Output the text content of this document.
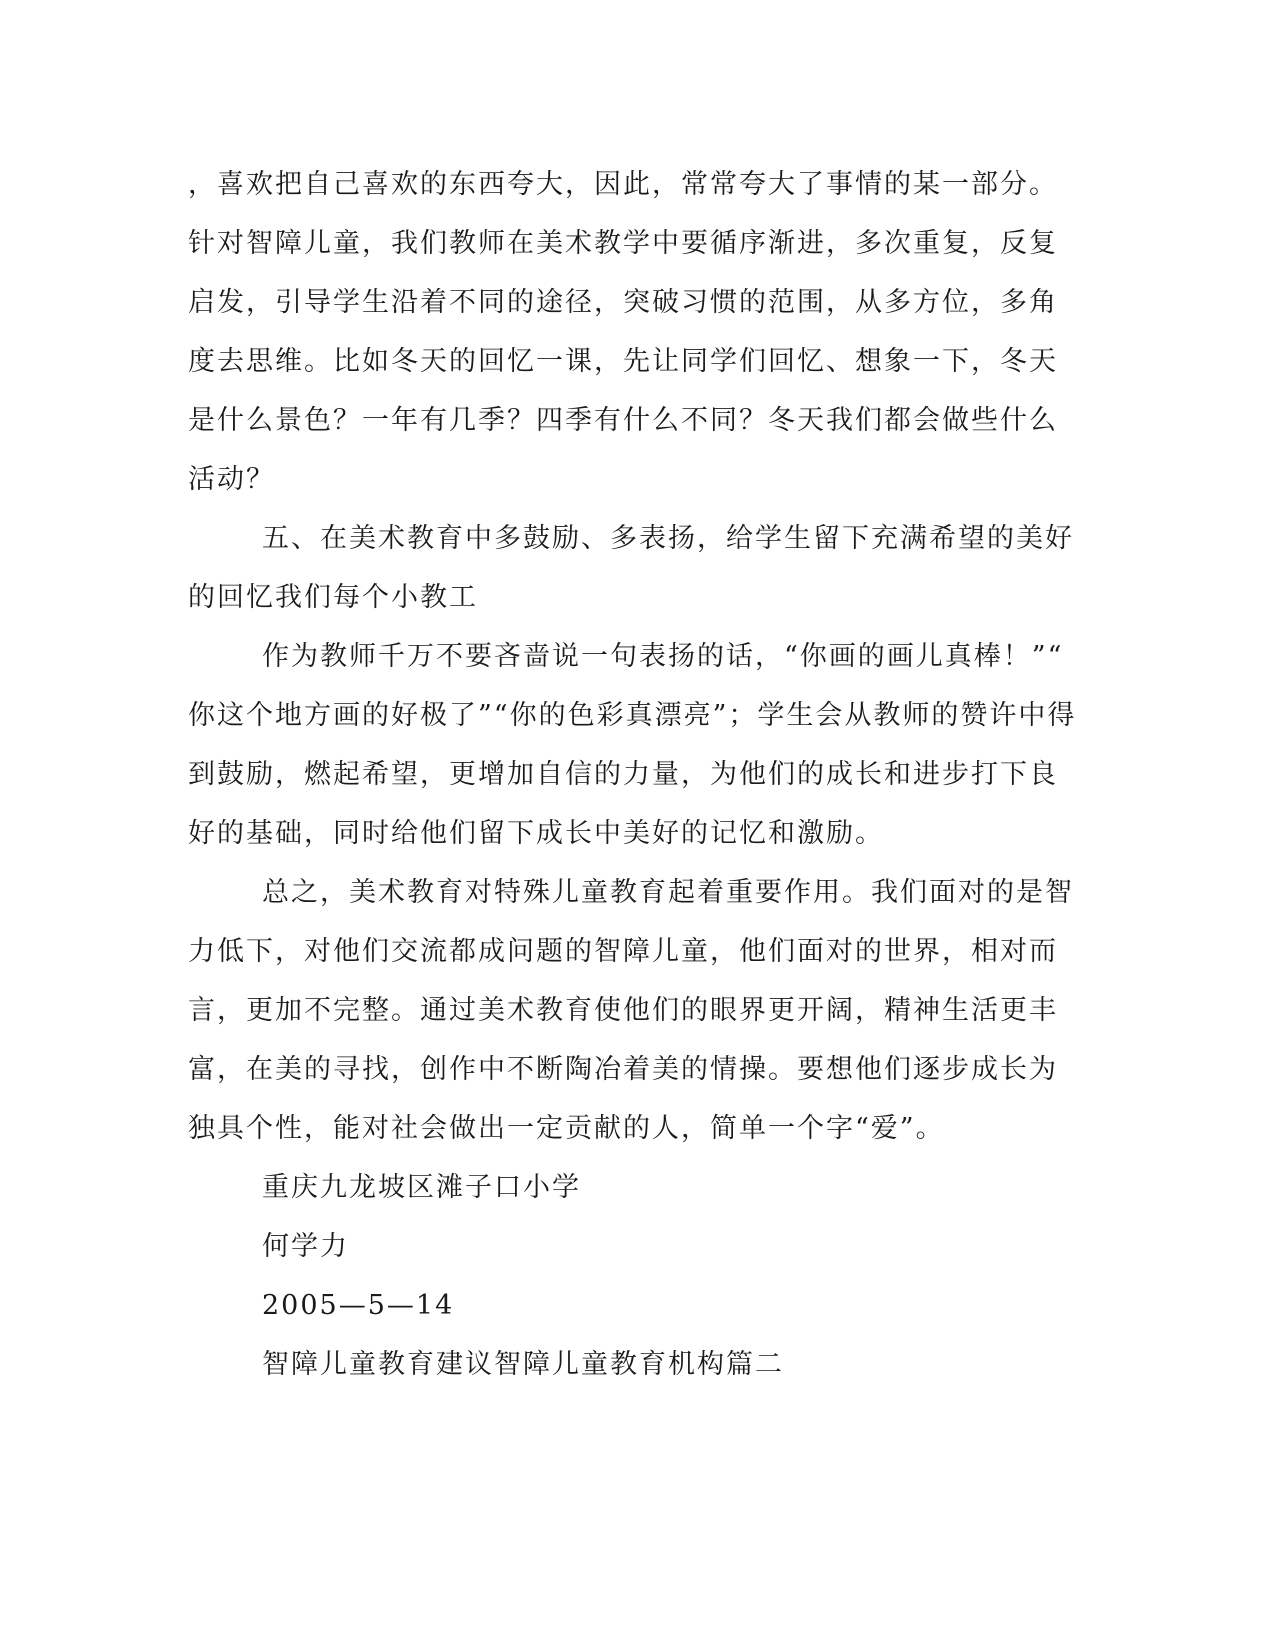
，喜欢把自己喜欢的东西夸大，因此，常常夸大了事情的某一部分。
针对智障儿童，我们教师在美术教学中要循序渐进，多次重复，反复
启发，引导学生沿着不同的途径，突破习惯的范围，从多方位，多角
度去思维。比如冬天的回忆一课，先让同学们回忆、想象一下，冬天
是什么景色？一年有几季？四季有什么不同？冬天我们都会做些什么
活动？
五、在美术教育中多鼓励、多表扬，给学生留下充满希望的美好
的回忆我们每个小教工
作为教师千万不要吝啬说一句表扬的话，“你画的画儿真棒！”“
你这个地方画的好极了”“你的色彩真漂亮”；学生会从教师的赞许中得
到鼓励，燃起希望，更增加自信的力量，为他们的成长和进步打下良
好的基础，同时给他们留下成长中美好的记忆和激励。
总之，美术教育对特殊儿童教育起着重要作用。我们面对的是智
力低下，对他们交流都成问题的智障儿童，他们面对的世界，相对而
言，更加不完整。通过美术教育使他们的眼界更开阔，精神生活更丰
富，在美的寻找，创作中不断陶冶着美的情操。要想他们逐步成长为
独具个性，能对社会做出一定贡献的人，简单一个字“爱”。
重庆九龙坡区滩子口小学
何学力
2005—5—14
智障儿童教育建议智障儿童教育机构篇二
